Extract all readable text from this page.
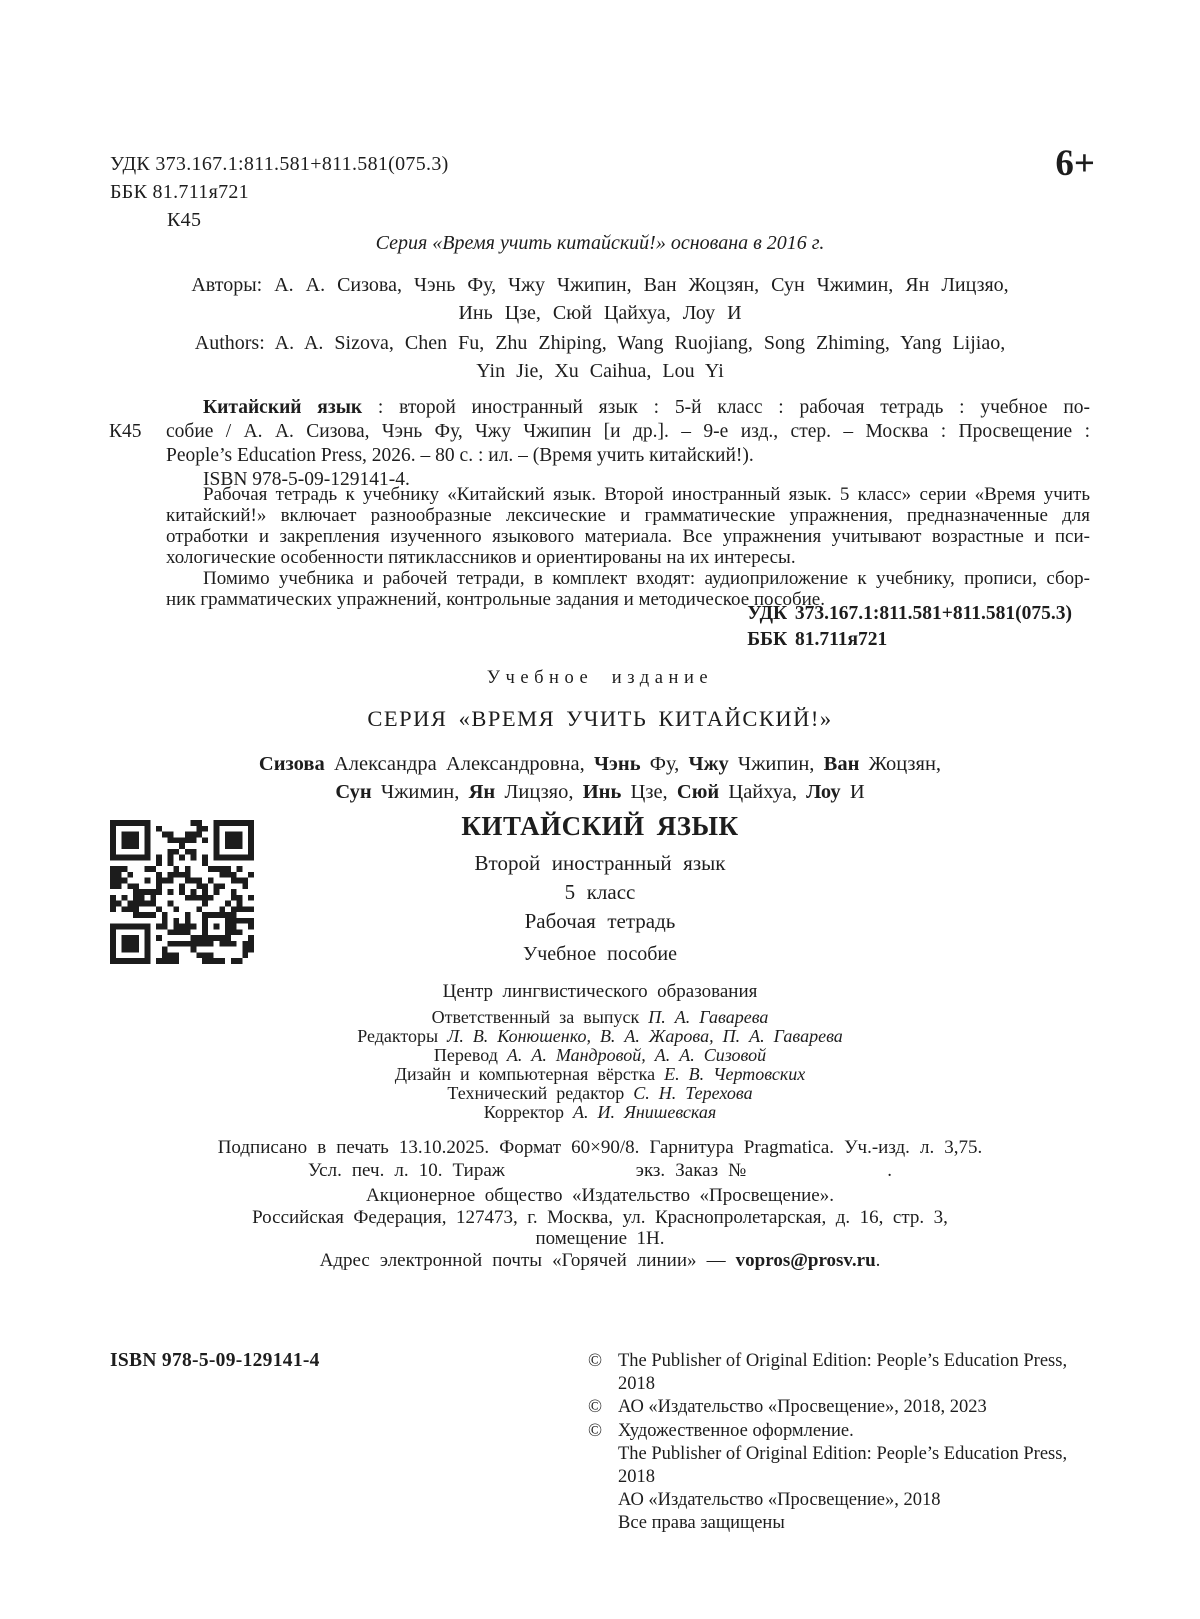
УДК 373.167.1:811.581+811.581(075.3)
ББК 81.711я721
К45
6+
Серия «Время учить китайский!» основана в 2016 г.
Авторы: А. А. Сизова, Чэнь Фу, Чжу Чжипин, Ван Жоцзян, Сун Чжимин, Ян Лицзяо,
Инь Цзе, Сюй Цайхуа, Лоу И
Authors: A. A. Sizova, Chen Fu, Zhu Zhiping, Wang Ruojiang, Song Zhiming, Yang Lijiao,
Yin Jie, Xu Caihua, Lou Yi
К45
Китайский язык : второй иностранный язык : 5-й класс : рабочая тетрадь : учебное по-
собие / А. А. Сизова, Чэнь Фу, Чжу Чжипин [и др.]. – 9-е изд., стер. – Москва : Просвещение :
People’s Education Press, 2026. – 80 с. : ил. – (Время учить китайский!).
ISBN 978-5-09-129141-4.
Рабочая тетрадь к учебнику «Китайский язык. Второй иностранный язык. 5 класс» серии «Время учить
китайский!» включает разнообразные лексические и грамматические упражнения, предназначенные для
отработки и закрепления изученного языкового материала. Все упражнения учитывают возрастные и пси-
хологические особенности пятиклассников и ориентированы на их интересы.
Помимо учебника и рабочей тетради, в комплект входят: аудиоприложение к учебнику, прописи, сбор-
ник грамматических упражнений, контрольные задания и методическое пособие.
УДК 373.167.1:811.581+811.581(075.3)
ББК 81.711я721
Учебное издание
СЕРИЯ «ВРЕМЯ УЧИТЬ КИТАЙСКИЙ!»
Сизова Александра Александровна, Чэнь Фу, Чжу Чжипин, Ван Жоцзян,
Сун Чжимин, Ян Лицзяо, Инь Цзе, Сюй Цайхуа, Лоу И
КИТАЙСКИЙ ЯЗЫК
Второй иностранный язык
5 класс
Рабочая тетрадь
Учебное пособие
Центр лингвистического образования
Ответственный за выпуск П. А. Гаварева
Редакторы Л. В. Конюшенко, В. А. Жарова, П. А. Гаварева
Перевод А. А. Мандровой, А. А. Сизовой
Дизайн и компьютерная вёрстка Е. В. Чертовских
Технический редактор С. Н. Терехова
Корректор А. И. Янишевская
Подписано в печать 13.10.2025. Формат 60×90/8. Гарнитура Pragmatica. Уч.-изд. л. 3,75.
Усл. печ. л. 10. Тираж             экз. Заказ №              .
Акционерное общество «Издательство «Просвещение».
Российская Федерация, 127473, г. Москва, ул. Краснопролетарская, д. 16, стр. 3,
помещение 1Н.
Адрес электронной почты «Горячей линии» — vopros@prosv.ru.
ISBN 978-5-09-129141-4	© The Publisher of Original Edition: People’s Education Press, 2018
© АО «Издательство «Просвещение», 2018, 2023
© Художественное оформление.
The Publisher of Original Edition: People’s Education Press, 2018
АО «Издательство «Просвещение», 2018
Все права защищены
